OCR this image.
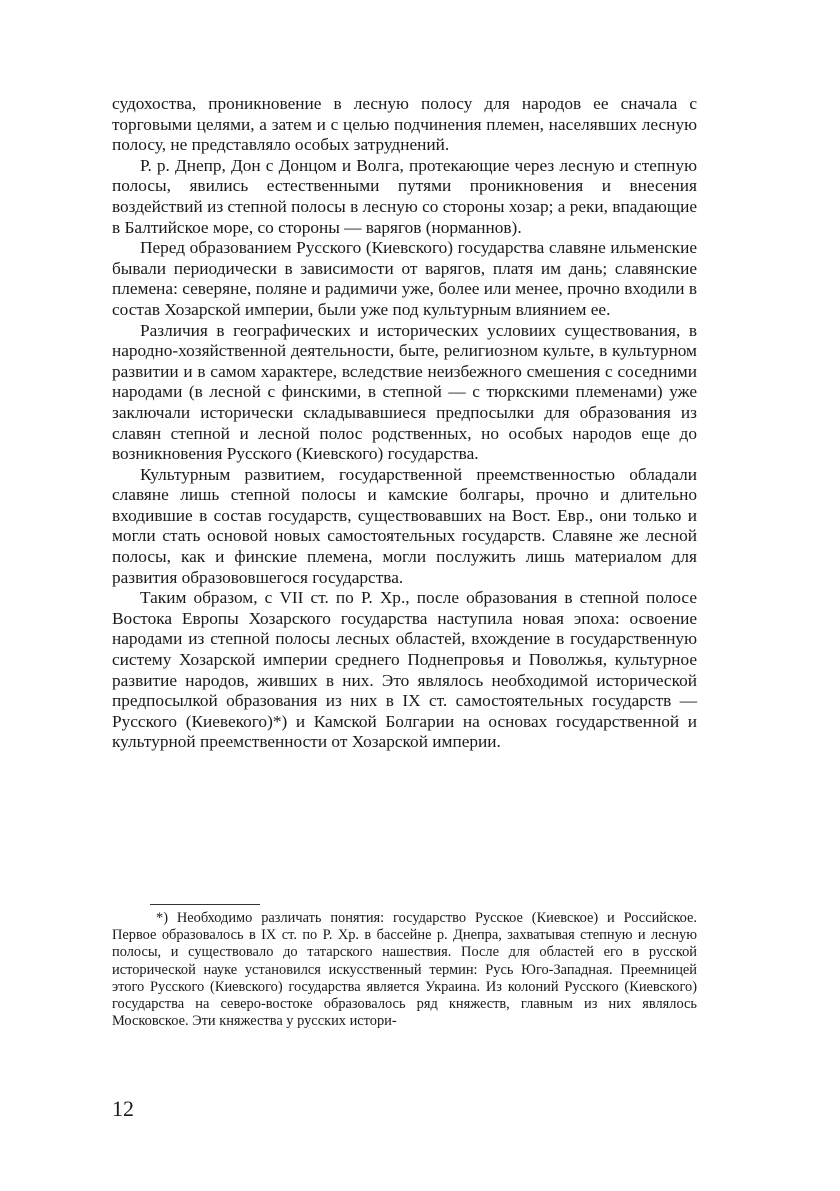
судохоства, проникновение в лесную полосу для народов ее сначала с торговыми целями, а затем и с целью подчинения племен, населявших лесную полосу, не представляло особых затруднений.

Р. р. Днепр, Дон с Донцом и Волга, протекающие через лесную и степную полосы, явились естественными путями проникновения и внесения воздействий из степной полосы в лесную со стороны хозар; а реки, впадающие в Балтийское море, со стороны — варягов (норманнов).

Перед образованием Русского (Киевского) государства славяне ильменские бывали периодически в зависимости от варягов, платя им дань; славянские племена: северяне, поляне и радимичи уже, более или менее, прочно входили в состав Хозарской империи, были уже под культурным влиянием ее.

Различия в географических и исторических условиих существования, в народно-хозяйственной деятельности, быте, религиозном культе, в культурном развитии и в самом характере, вследствие неизбежного смешения с соседними народами (в лесной с финскими, в степной — с тюркскими племенами) уже заключали исторически складывавшиеся предпосылки для образования из славян степной и лесной полос родственных, но особых народов еще до возникновения Русского (Киевского) государства.

Культурным развитием, государственной преемственностью обладали славяне лишь степной полосы и камские болгары, прочно и длительно входившие в состав государств, существовавших на Вост. Евр., они только и могли стать основой новых самостоятельных государств. Славяне же лесной полосы, как и финские племена, могли послужить лишь материалом для развития образововшегося государства.

Таким образом, с VII ст. по Р. Хр., после образования в степной полосе Востока Европы Хозарского государства наступила новая эпоха: освоение народами из степной полосы лесных областей, вхождение в государственную систему Хозарской империи среднего Поднепровья и Поволжья, культурное развитие народов, живших в них. Это являлось необходимой исторической предпосылкой образования из них в IX ст. самостоятельных государств — Русского (Киевекого)*) и Камской Болгарии на основах государственной и культурной преемственности от Хозарской империи.

*) Необходимо различать понятия: государство Русское (Киевское) и Российское. Первое образовалось в IX ст. по Р. Хр. в бассейне р. Днепра, захватывая степную и лесную полосы, и существовало до татарского нашествия. После для областей его в русской исторической науке установился искусственный термин: Русь Юго-Западная. Преемницей этого Русского (Киевского) государства является Украина. Из колоний Русского (Киевского) государства на северо-востоке образовалось ряд княжеств, главным из них являлось Московское. Эти княжества у русских истори-

12
